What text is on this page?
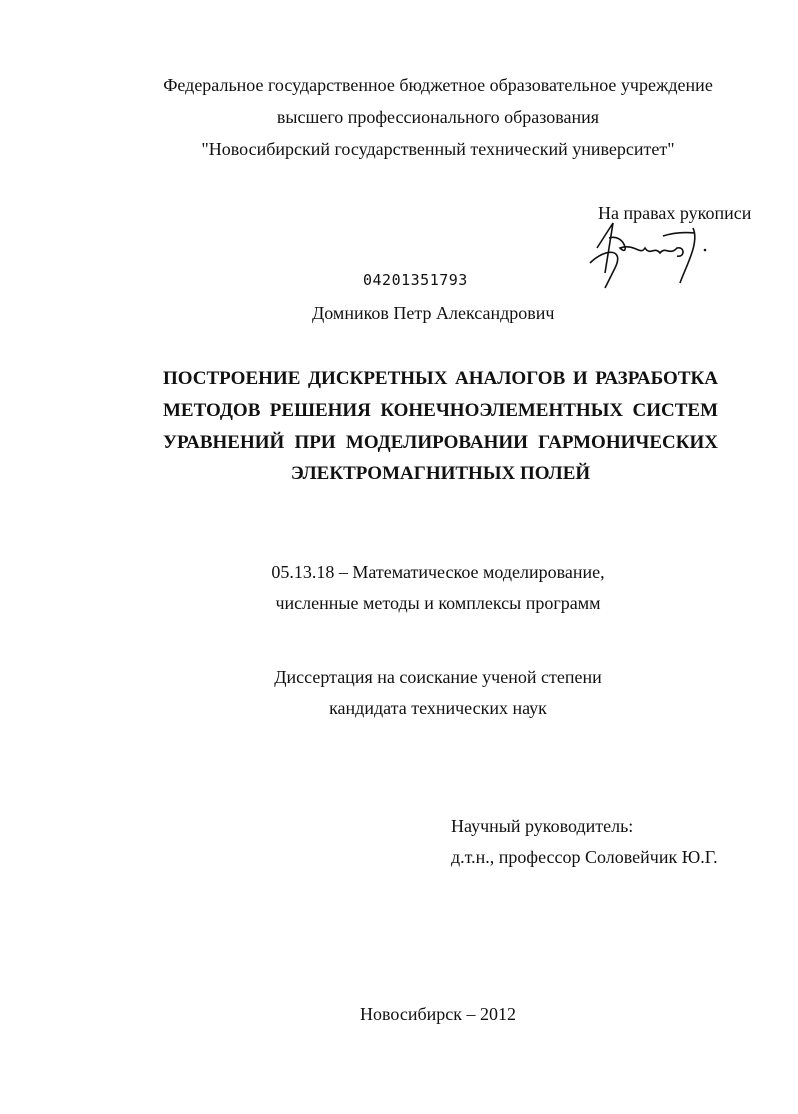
Федеральное государственное бюджетное образовательное учреждение
высшего профессионального образования
"Новосибирский государственный технический университет"
На правах рукописи
04201351793
Домников Петр Александрович
ПОСТРОЕНИЕ ДИСКРЕТНЫХ АНАЛОГОВ И РАЗРАБОТКА
МЕТОДОВ РЕШЕНИЯ КОНЕЧНОЭЛЕМЕНТНЫХ СИСТЕМ
УРАВНЕНИЙ ПРИ МОДЕЛИРОВАНИИ ГАРМОНИЧЕСКИХ
ЭЛЕКТРОМАГНИТНЫХ ПОЛЕЙ
05.13.18 – Математическое моделирование,
численные методы и комплексы программ
Диссертация на соискание ученой степени
кандидата технических наук
Научный руководитель:
д.т.н., профессор Соловейчик Ю.Г.
Новосибирск – 2012
